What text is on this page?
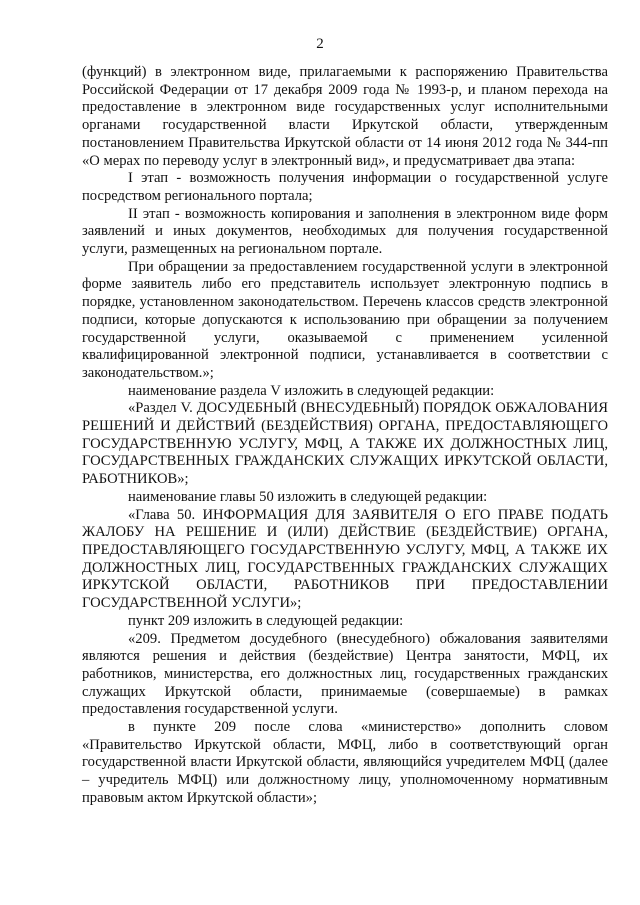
2

(функций) в электронном виде, прилагаемыми к распоряжению Правительства Российской Федерации от 17 декабря 2009 года № 1993-р, и планом перехода на предоставление в электронном виде государственных услуг исполнительными органами государственной власти Иркутской области, утвержденным постановлением Правительства Иркутской области от 14 июня 2012 года № 344-пп «О мерах по переводу услуг в электронный вид», и предусматривает два этапа:

I этап - возможность получения информации о государственной услуге посредством регионального портала;

II этап - возможность копирования и заполнения в электронном виде форм заявлений и иных документов, необходимых для получения государственной услуги, размещенных на региональном портале.

При обращении за предоставлением государственной услуги в электронной форме заявитель либо его представитель использует электронную подпись в порядке, установленном законодательством. Перечень классов средств электронной подписи, которые допускаются к использованию при обращении за получением государственной услуги, оказываемой с применением усиленной квалифицированной электронной подписи, устанавливается в соответствии с законодательством.»;

наименование раздела V изложить в следующей редакции:

«Раздел V. ДОСУДЕБНЫЙ (ВНЕСУДЕБНЫЙ) ПОРЯДОК ОБЖАЛОВАНИЯ РЕШЕНИЙ И ДЕЙСТВИЙ (БЕЗДЕЙСТВИЯ) ОРГАНА, ПРЕДОСТАВЛЯЮЩЕГО ГОСУДАРСТВЕННУЮ УСЛУГУ, МФЦ, А ТАКЖЕ ИХ ДОЛЖНОСТНЫХ ЛИЦ, ГОСУДАРСТВЕННЫХ ГРАЖДАНСКИХ СЛУЖАЩИХ ИРКУТСКОЙ ОБЛАСТИ, РАБОТНИКОВ»;

наименование главы 50 изложить в следующей редакции:

«Глава 50. ИНФОРМАЦИЯ ДЛЯ ЗАЯВИТЕЛЯ О ЕГО ПРАВЕ ПОДАТЬ ЖАЛОБУ НА РЕШЕНИЕ И (ИЛИ) ДЕЙСТВИЕ (БЕЗДЕЙСТВИЕ) ОРГАНА, ПРЕДОСТАВЛЯЮЩЕГО ГОСУДАРСТВЕННУЮ УСЛУГУ, МФЦ, А ТАКЖЕ ИХ ДОЛЖНОСТНЫХ ЛИЦ, ГОСУДАРСТВЕННЫХ ГРАЖДАНСКИХ СЛУЖАЩИХ ИРКУТСКОЙ ОБЛАСТИ, РАБОТНИКОВ ПРИ ПРЕДОСТАВЛЕНИИ ГОСУДАРСТВЕННОЙ УСЛУГИ»;

пункт 209 изложить в следующей редакции:

«209. Предметом досудебного (внесудебного) обжалования заявителями являются решения и действия (бездействие) Центра занятости, МФЦ, их работников, министерства, его должностных лиц, государственных гражданских служащих Иркутской области, принимаемые (совершаемые) в рамках предоставления государственной услуги.

в пункте 209 после слова «министерство» дополнить словом «Правительство Иркутской области, МФЦ, либо в соответствующий орган государственной власти Иркутской области, являющийся учредителем МФЦ (далее – учредитель МФЦ) или должностному лицу, уполномоченному нормативным правовым актом Иркутской области»;
